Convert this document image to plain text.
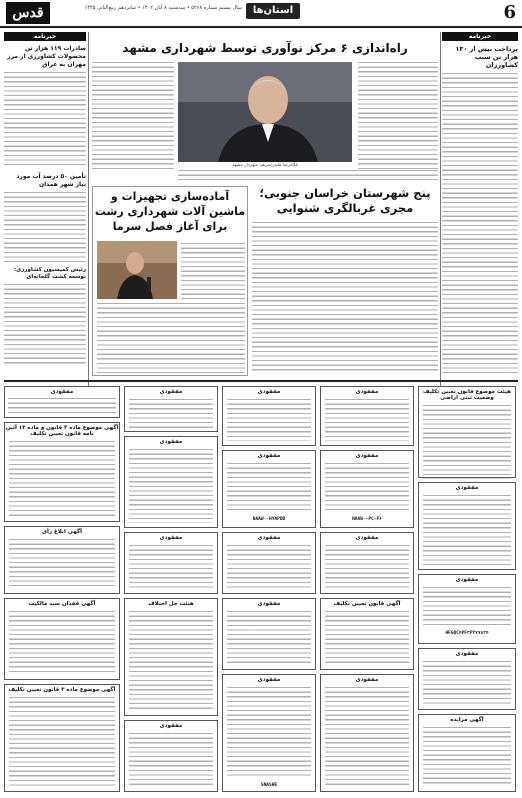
6
استان‌ها
سال بیستم شماره ۵۲۶۸ • سه‌شنبه ۸ آبان ۱۴۰۲ • شانزدهم ربیع‌الثانی ۱۴۴۵
قدس
خبرنامه
پرداخت بیش از ۱۳۰ هزار تن سبب کشاورزان
خبرنامه
صادرات ۱۱۹ هزار تن محصولات کشاورزی از مرز مهران به عراق
تأمین ۵۰ درصد آب مورد نیاز شهر همدان
رئیس کمیسیون کشاورزی: توسعه کشت گلخانه‌ای
راه‌اندازی ۶ مرکز نوآوری توسط شهرداری مشهد
غلامرضا قلندرشریف شهردار مشهد
پنج شهرستان خراسان جنوبی؛ مجری غربالگری شنوایی
آماده‌سازی تجهیزات و ماشین آلات شهرداری رشت برای آغاز فصل سرما
هیئت موضوع قانون تعیین تکلیف وضعیت ثبتی اراضی
مفقودی
مفقودی
مفقودی
مفقودی
مفقودی
مفقودی
NAAW۰-PC-F۶
مفقودی
NAAW۰-HYAPDB
مفقودی
آگهی موضوع ماده ۳ قانون و ماده ۱۳ آئین نامه قانون تعیین تکلیف
مفقودی
HFGQC۴PF۳PY۷۷۸۳۴
مفقودی
مفقودی
مفقودی
آگهی ابلاغ رأی
مفقودی
آگهی قانون تعیین تکلیف
مفقودی
هیئت حل اختلاف
آگهی فقدان سند مالکیت
آگهی مزایده
مفقودی
مفقودی
SNASHE
مفقودی
آگهی موضوع ماده ۳ قانون تعیین تکلیف
